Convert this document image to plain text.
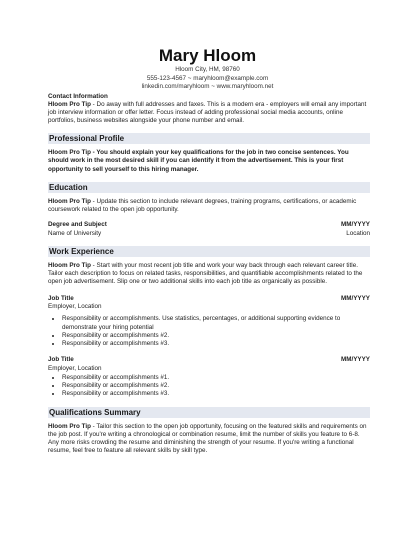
Mary Hloom
Hloom City, HM, 98760
555-123-4567 ~ maryhloom@example.com
linkedin.com/maryhloom ~ www.maryhloom.net
Contact Information

Hloom Pro Tip - Do away with full addresses and faxes. This is a modern era - employers will email any important job interview information or offer letter. Focus instead of adding professional social media accounts, online portfolios, business websites alongside your phone number and email.

Professional Profile

Hloom Pro Tip - You should explain your key qualifications for the job in two concise sentences. You should work in the most desired skill if you can identify it from the advertisement. This is your first opportunity to sell yourself to this hiring manager.

Education

Hloom Pro Tip - Update this section to include relevant degrees, training programs, certifications, or academic coursework related to the open job opportunity.

Degree and Subject	MM/YYYY
Name of University	Location
Work Experience

Hloom Pro Tip - Start with your most recent job title and work your way back through each relevant career title. Tailor each description to focus on related tasks, responsibilities, and quantifiable accomplishments related to the open job advertisement. Slip one or two additional skills into each job title as organically as possible.

Job Title	MM/YYYY
Employer, Location
• Responsibility or accomplishments. Use statistics, percentages, or additional supporting evidence to demonstrate your hiring potential
• Responsibility or accomplishments #2.
• Responsibility or accomplishments #3.
Job Title	MM/YYYY
Employer, Location
• Responsibility or accomplishments #1.
• Responsibility or accomplishments #2.
• Responsibility or accomplishments #3.
Qualifications Summary

Hloom Pro Tip - Tailor this section to the open job opportunity, focusing on the featured skills and requirements on the job post. If you're writing a chronological or combination resume, limit the number of skills you feature to 6-8. Any more risks crowding the resume and diminishing the strength of your resume. If you're writing a functional resume, feel free to feature all relevant skills by skill type.
